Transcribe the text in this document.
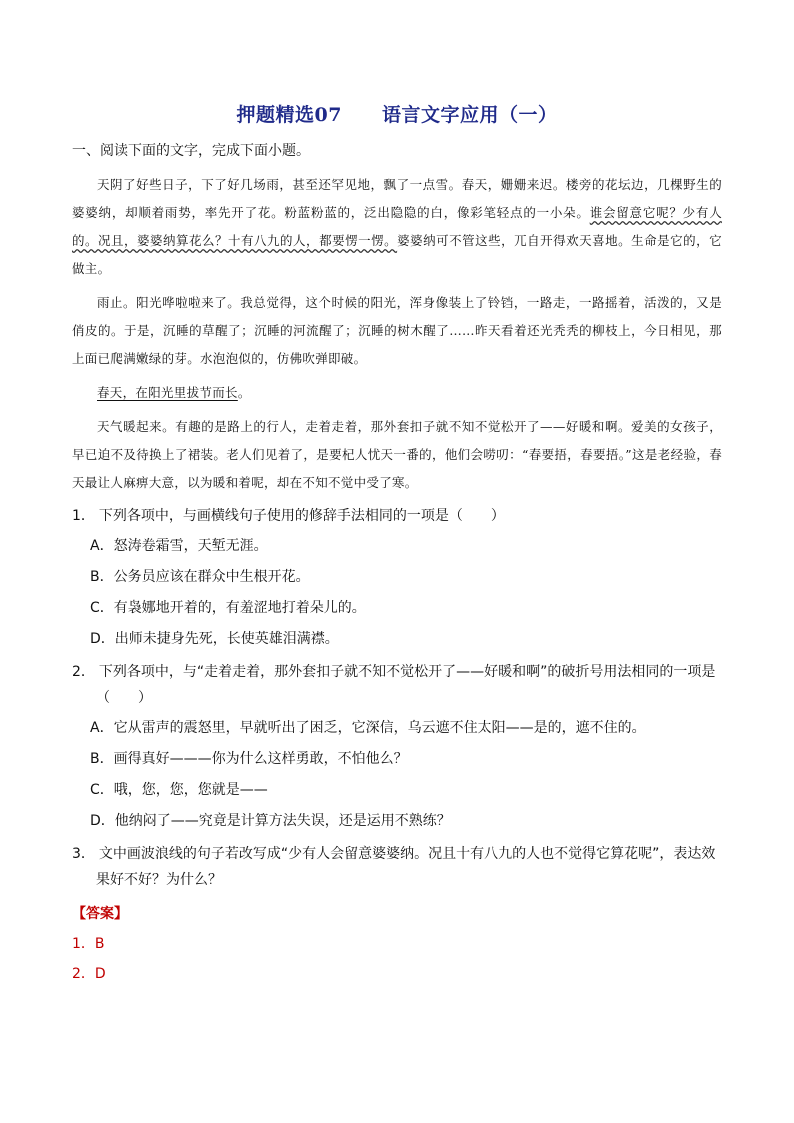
押题精选07 语言文字应用（一）
一、阅读下面的文字，完成下面小题。

天阴了好些日子，下了好几场雨，甚至还罕见地，飘了一点雪。春天，姗姗来迟。楼旁的花坛边，几棵野生的婆婆纳，却顺着雨势，率先开了花。粉蓝粉蓝的，泛出隐隐的白，像彩笔轻点的一小朵。谁会留意它呢？少有人的。况且，婆婆纳算花么？十有八九的人，都要愣一愣。婆婆纳可不管这些，兀自开得欢天喜地。生命是它的，它做主。

雨止。阳光哗啦啦来了。我总觉得，这个时候的阳光，浑身像装上了铃铛，一路走，一路摇着，活泼的，又是俏皮的。于是，沉睡的草醒了；沉睡的河流醒了；沉睡的树木醒了……昨天看着还光秃秃的柳枝上，今日相见，那上面已爬满嫩绿的芽。水泡泡似的，仿佛吹弹即破。

春天，在阳光里拔节而长。

天气暖起来。有趣的是路上的行人，走着走着，那外套扣子就不知不觉松开了——好暖和啊。爱美的女孩子，早已迫不及待换上了裙装。老人们见着了，是要杞人忧天一番的，他们会唠叨：“春要捂，春要捂。”这是老经验，春天最让人麻痹大意，以为暖和着呢，却在不知不觉中受了寒。

1． 下列各项中，与画横线句子使用的修辞手法相同的一项是（　　）
A．怒涛卷霜雪，天堑无涯。
B．公务员应该在群众中生根开花。
C．有袅娜地开着的，有羞涩地打着朵儿的。
D．出师未捷身先死，长使英雄泪满襟。
2． 下列各项中，与“走着走着，那外套扣子就不知不觉松开了——好暖和啊”的破折号用法相同的一项是
（　　）
A．它从雷声的震怒里，早就听出了困乏，它深信，乌云遮不住太阳——是的，遮不住的。
B．画得真好———你为什么这样勇敢，不怕他么？
C．哦，您，您，您就是——
D．他纳闷了——究竟是计算方法失误，还是运用不熟练？
3． 文中画波浪线的句子若改写成“少有人会留意婆婆纳。况且十有八九的人也不觉得它算花呢”，表达效
果好不好？为什么？
【答案】
1．B
2．D
